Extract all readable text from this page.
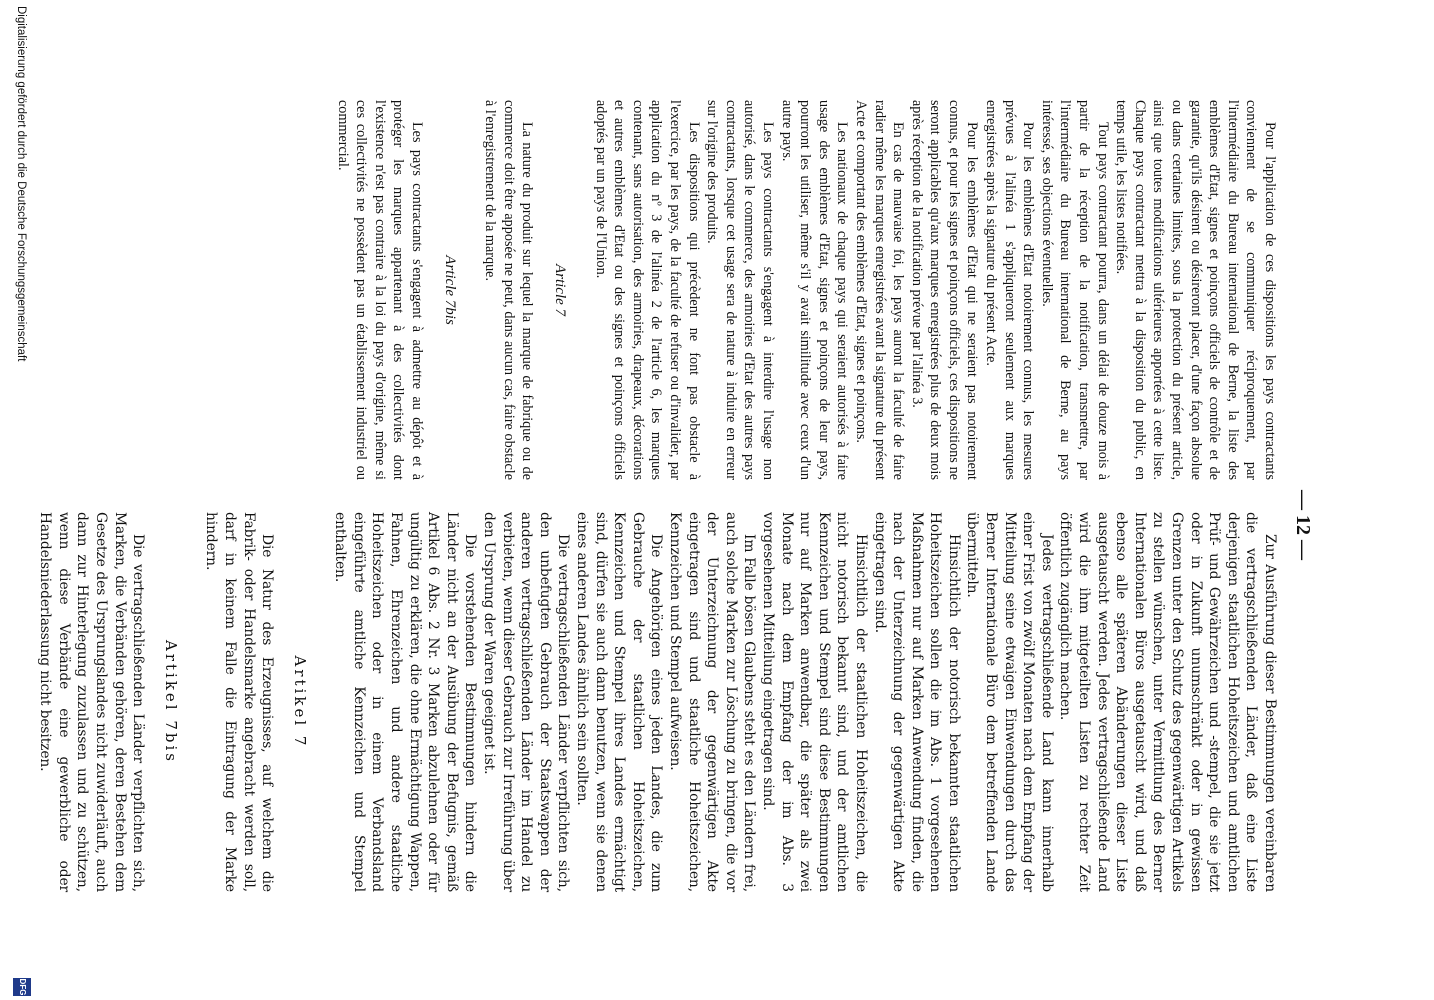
— 12 —

Pour l'application de ces dispositions les pays contractants conviennent de se communiquer réciproquement, par l'intermédiaire du Bureau international de Berne, la liste des emblèmes d'Etat, signes et poinçons officiels de contrôle et de garantie, qu'ils désirent ou désireront placer, d'une façon absolue ou dans certaines limites, sous la protection du présent article, ainsi que toutes modifications ultérieures apportées à cette liste. Chaque pays contractant mettra à la disposition du public, en temps utile, les listes notifiées.

Tout pays contractant pourra, dans un délai de douze mois à partir de la réception de la notification, transmettre, par l'intermédiaire du Bureau international de Berne, au pays intéressé, ses objections éventuelles.

Pour les emblèmes d'Etat notoirement connus, les mesures prévues à l'alinéa 1 s'appliqueront seulement aux marques enregistrées après la signature du présent Acte.

Pour les emblèmes d'Etat qui ne seraient pas notoirement connus, et pour les signes et poinçons officiels, ces dispositions ne seront applicables qu'aux marques enregistrées plus de deux mois après réception de la notification prévue par l'alinéa 3.

En cas de mauvaise foi, les pays auront la faculté de faire radier même les marques enregistrées avant la signature du présent Acte et comportant des emblèmes d'Etat, signes et poinçons.

Les nationaux de chaque pays qui seraient autorisés à faire usage des emblèmes d'Etat, signes et poinçons de leur pays, pourront les utiliser, même s'il y avait similitude avec ceux d'un autre pays.

Les pays contractants s'engagent à interdire l'usage non autorisé, dans le commerce, des armoiries d'Etat des autres pays contractants, lorsque cet usage sera de nature à induire en erreur sur l'origine des produits.

Les dispositions qui précèdent ne font pas obstacle à l'exercice, par les pays, de la faculté de refuser ou d'invalider, par application du nº 3 de l'alinéa 2 de l'article 6, les marques contenant, sans autorisation, des armoiries, drapeaux, décorations et autres emblèmes d'Etat ou des signes et poinçons officiels adoptés par un pays de l'Union.

Article 7

La nature du produit sur lequel la marque de fabrique ou de commerce doit être apposée ne peut, dans aucun cas, faire obstacle à l'enregistrement de la marque.

Article 7bis

Les pays contractants s'engagent à admettre au dépôt et à protéger les marques appartenant à des collectivités dont l'existence n'est pas contraire à la loi du pays d'origine, même si ces collectivités ne possèdent pas un établissement industriel ou commercial.

Zur Ausführung dieser Bestimmungen vereinbaren die vertragschließenden Länder, daß eine Liste derjenigen staatlichen Hoheitszeichen und amtlichen Prüf- und Gewährzeichen und -stempel, die sie jetzt oder in Zukunft unumschränkt oder in gewissen Grenzen unter den Schutz des gegenwärtigen Artikels zu stellen wünschen, unter Vermittlung des Berner Internationalen Büros ausgetauscht wird, und daß ebenso alle späteren Abänderungen dieser Liste ausgetauscht werden. Jedes vertragschließende Land wird die ihm mitgeteilten Listen zu rechter Zeit öffentlich zugänglich machen.

Jedes vertragschließende Land kann innerhalb einer Frist von zwölf Monaten nach dem Empfang der Mitteilung seine etwaigen Einwendungen durch das Berner Internationale Büro dem betreffenden Lande übermitteln.

Hinsichtlich der notorisch bekannten staatlichen Hoheitszeichen sollen die im Abs. 1 vorgesehenen Maßnahmen nur auf Marken Anwendung finden, die nach der Unterzeichnung der gegenwärtigen Akte eingetragen sind.

Hinsichtlich der staatlichen Hoheitszeichen, die nicht notorisch bekannt sind, und der amtlichen Kennzeichen und Stempel sind diese Bestimmungen nur auf Marken anwendbar, die später als zwei Monate nach dem Empfang der im Abs. 3 vorgesehenen Mitteilung eingetragen sind.

Im Falle bösen Glaubens steht es den Ländern frei, auch solche Marken zur Löschung zu bringen, die vor der Unterzeichnung der gegenwärtigen Akte eingetragen sind und staatliche Hoheitszeichen, Kennzeichen und Stempel aufweisen.

Die Angehörigen eines jeden Landes, die zum Gebrauche der staatlichen Hoheitszeichen, Kennzeichen und Stempel ihres Landes ermächtigt sind, dürfen sie auch dann benutzen, wenn sie denen eines anderen Landes ähnlich sein sollten.

Die vertragschließenden Länder verpflichten sich, den unbefugten Gebrauch der Staatswappen der anderen vertragschließenden Länder im Handel zu verbieten, wenn dieser Gebrauch zur Irreführung über den Ursprung der Waren geeignet ist.

Die vorstehenden Bestimmungen hindern die Länder nicht an der Ausübung der Befugnis, gemäß Artikel 6 Abs. 2 Nr. 3 Marken abzulehnen oder für ungültig zu erklären, die ohne Ermächtigung Wappen, Fahnen, Ehrenzeichen und andere staatliche Hoheitszeichen oder in einem Verbandsland eingeführte amtliche Kennzeichen und Stempel enthalten.

Artikel 7

Die Natur des Erzeugnisses, auf welchem die Fabrik- oder Handelsmarke angebracht werden soll, darf in keinem Falle die Eintragung der Marke hindern.

Artikel 7bis

Die vertragschließenden Länder verpflichten sich, Marken, die Verbänden gehören, deren Bestehen dem Gesetze des Ursprungslandes nicht zuwiderläuft, auch dann zur Hinterlegung zuzulassen und zu schützen, wenn diese Verbände eine gewerbliche oder Handelsniederlassung nicht besitzen.

Digitalisierung gefördert durch die Deutsche Forschungsgemeinschaft
DFG
